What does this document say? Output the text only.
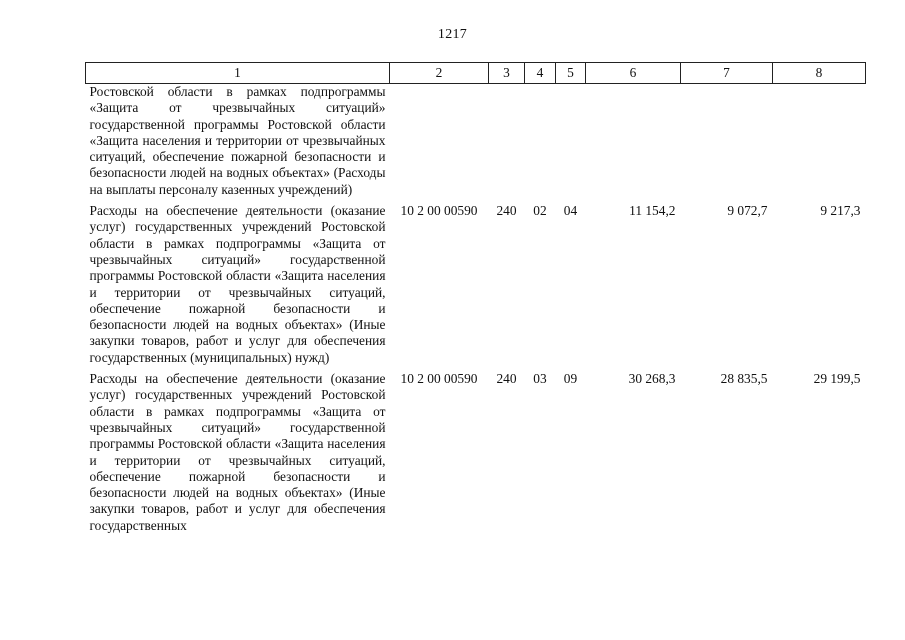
1217
1	2	3	4	5	6	7	8
Ростовской области в рамках подпрограммы «Защита от чрезвычайных ситуаций» государственной программы Ростовской области «Защита населения и территории от чрезвычайных ситуаций, обеспечение пожарной безопасности и безопасности людей на водных объектах» (Расходы на выплаты персоналу казенных учреждений)							
Расходы на обеспечение деятельности (оказание услуг) государственных учреждений Ростовской области в рамках подпрограммы «Защита от чрезвычайных ситуаций» государственной программы Ростовской области «Защита населения и территории от чрезвычайных ситуаций, обеспечение пожарной безопасности и безопасности людей на водных объектах» (Иные закупки товаров, работ и услуг для обеспечения государственных (муниципальных) нужд)	10 2 00 00590	240	02	04	11 154,2	9 072,7	9 217,3
Расходы на обеспечение деятельности (оказание услуг) государственных учреждений Ростовской области в рамках подпрограммы «Защита от чрезвычайных ситуаций» государственной программы Ростовской области «Защита населения и территории от чрезвычайных ситуаций, обеспечение пожарной безопасности и безопасности людей на водных объектах» (Иные закупки товаров, работ и услуг для обеспечения государственных	10 2 00 00590	240	03	09	30 268,3	28 835,5	29 199,5
